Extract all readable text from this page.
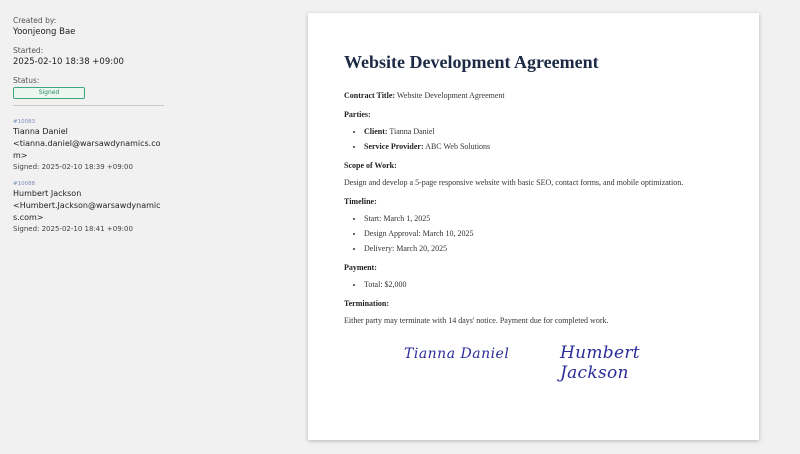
Created by:
Yoonjeong Bae
Started:
2025-02-10 18:38 +09:00
Status:
Signed
#10083
Tianna Daniel
<tianna.daniel@warsawdynamics.com>
Signed: 2025-02-10 18:39 +09:00
#10088
Humbert Jackson
<Humbert.Jackson@warsawdynamics.com>
Signed: 2025-02-10 18:41 +09:00
Website Development Agreement
Contract Title: Website Development Agreement
Parties:
• Client: Tianna Daniel
• Service Provider: ABC Web Solutions
Scope of Work:
Design and develop a 5-page responsive website with basic SEO, contact forms, and mobile optimization.
Timeline:
• Start: March 1, 2025
• Design Approval: March 10, 2025
• Delivery: March 20, 2025
Payment:
• Total: $2,000
Termination:
Either party may terminate with 14 days' notice. Payment due for completed work.
Tianna Daniel	Humbert Jackson
